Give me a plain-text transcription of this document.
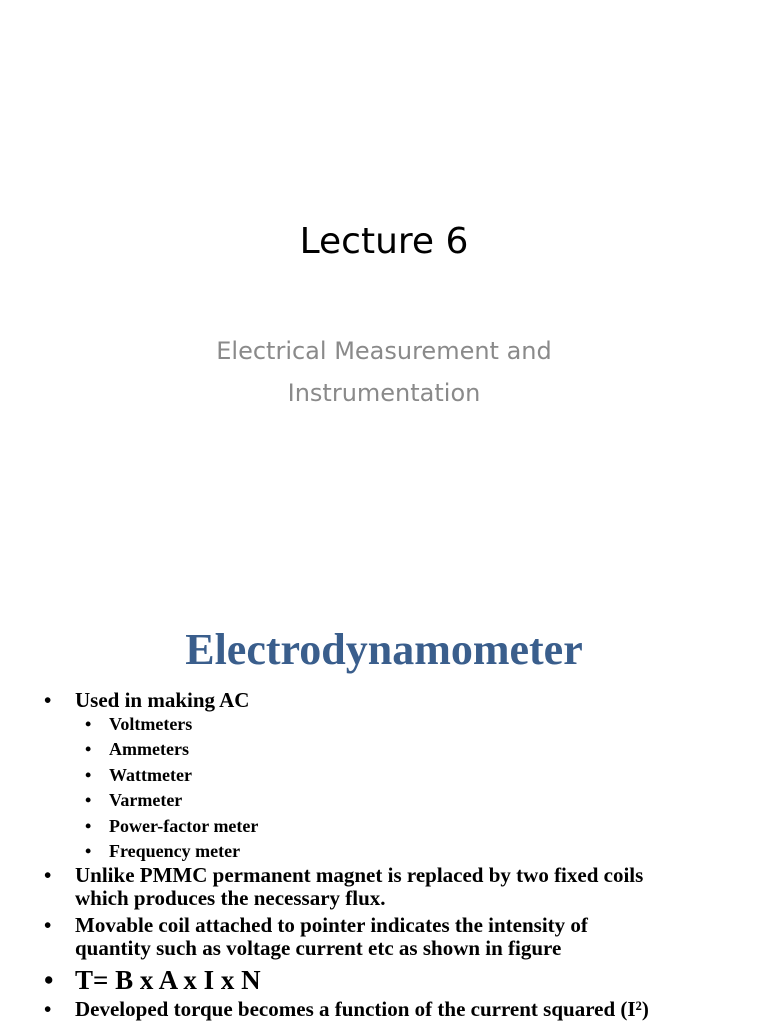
Lecture 6
Electrical Measurement and
Instrumentation
Electrodynamometer
• Used in making AC
• Voltmeters
• Ammeters
• Wattmeter
• Varmeter
• Power-factor meter
• Frequency meter
• Unlike PMMC permanent magnet is replaced by two fixed coils
which produces the necessary flux.
• Movable coil attached to pointer indicates the intensity of
quantity such as voltage current etc as shown in figure
• T= B x A x I x N
• Developed torque becomes a function of the current squared (I²)
